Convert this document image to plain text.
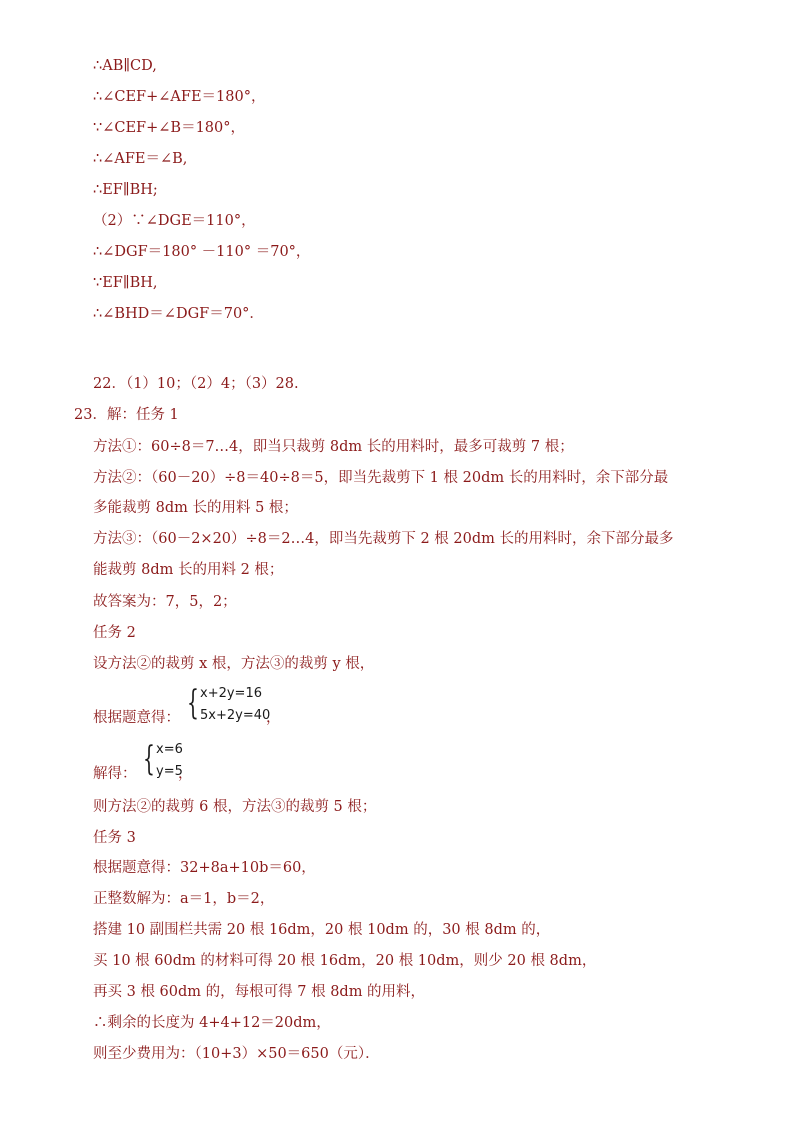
∴AB∥CD,
∴∠CEF+∠AFE＝180°，
∵∠CEF+∠B＝180°，
∴∠AFE＝∠B,
∴EF∥BH;
（2）∵∠DGE＝110°，
∴∠DGF＝180° －110° ＝70°，
∵EF∥BH,
∴∠BHD＝∠DGF＝70°．
22．（1）10；（2）4；（3）28.
23．解：任务 1
方法①：60÷8＝7…4，即当只裁剪 8dm 长的用料时，最多可裁剪 7 根；
方法②：（60－20）÷8＝40÷8＝5，即当先裁剪下 1 根 20dm 长的用料时，余下部分最
多能裁剪 8dm 长的用料 5 根；
方法③：（60－2×20）÷8＝2…4，即当先裁剪下 2 根 20dm 长的用料时，余下部分最多
能裁剪 8dm 长的用料 2 根；
故答案为：7，5，2；
任务 2
设方法②的裁剪 x 根，方法③的裁剪 y 根，
根据题意得： { x+2y=16
5x+2y=40
，
解得： { x=6
y=5
，
则方法②的裁剪 6 根，方法③的裁剪 5 根；
任务 3
根据题意得：32+8a+10b＝60，
正整数解为：a＝1，b＝2，
搭建 10 副围栏共需 20 根 16dm，20 根 10dm 的，30 根 8dm 的，
买 10 根 60dm 的材料可得 20 根 16dm，20 根 10dm，则少 20 根 8dm，
再买 3 根 60dm 的，每根可得 7 根 8dm 的用料，
∴剩余的长度为 4+4+12＝20dm，
则至少费用为：（10+3）×50＝650（元）．
